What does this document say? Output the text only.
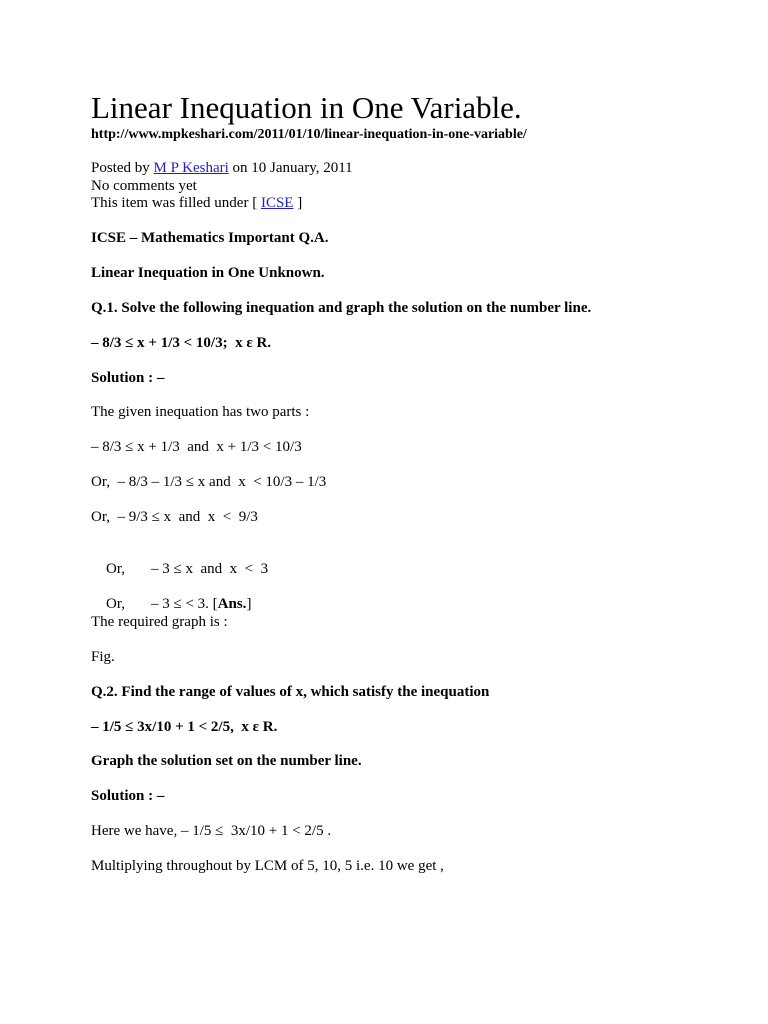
Linear Inequation in One Variable.
http://www.mpkeshari.com/2011/01/10/linear-inequation-in-one-variable/
Posted by M P Keshari on 10 January, 2011
No comments yet
This item was filled under [ ICSE ]
ICSE – Mathematics Important Q.A.
Linear Inequation in One Unknown.
Q.1. Solve the following inequation and graph the solution on the number line.
– 8/3 ≤ x + 1/3 < 10/3;  x ε R.
Solution : –
The given inequation has two parts :
– 8/3 ≤ x + 1/3  and  x + 1/3 < 10/3
Or,  – 8/3 – 1/3 ≤ x and  x  < 10/3 – 1/3
Or,  – 9/3 ≤ x  and  x  <  9/3

Or, – 3 ≤ x  and  x  <  3

Or, – 3 ≤ < 3. [Ans.]

The required graph is :
Fig.
Q.2. Find the range of values of x, which satisfy the inequation
– 1/5 ≤ 3x/10 + 1 < 2/5,  x ε R.
Graph the solution set on the number line.
Solution : –
Here we have, – 1/5 ≤  3x/10 + 1 < 2/5 .
Multiplying throughout by LCM of 5, 10, 5 i.e. 10 we get ,
